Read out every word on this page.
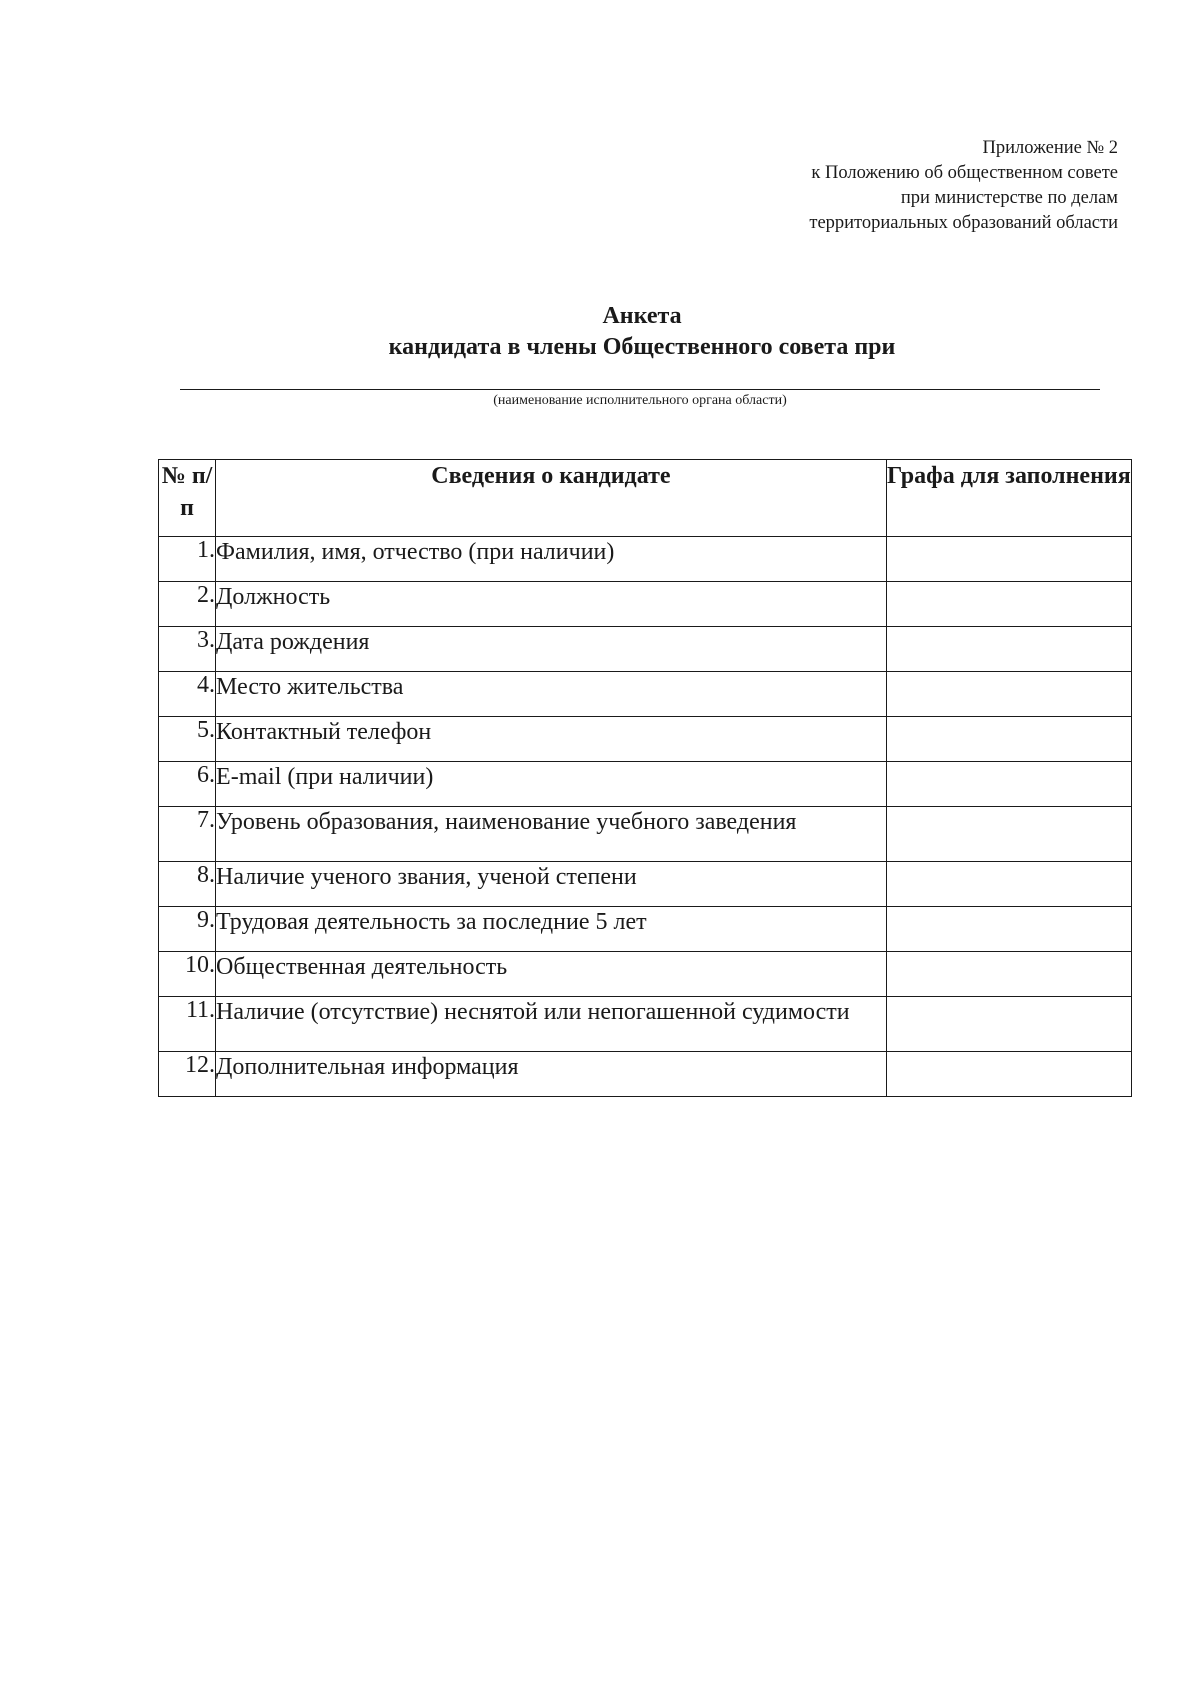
Приложение № 2
к Положению об общественном совете
при министерстве по делам
территориальных образований области
Анкета
кандидата в члены Общественного совета при
(наименование исполнительного органа области)
№ п/п	Сведения о кандидате	Графа для заполнения
1.	Фамилия, имя, отчество (при наличии)	
2.	Должность	
3.	Дата рождения	
4.	Место жительства	
5.	Контактный телефон	
6.	E-mail (при наличии)	
7.	Уровень образования, наименование учебного заведения	
8.	Наличие ученого звания, ученой степени	
9.	Трудовая деятельность за последние 5 лет	
10.	Общественная деятельность	
11.	Наличие (отсутствие) неснятой или непогашенной судимости	
12.	Дополнительная информация	
